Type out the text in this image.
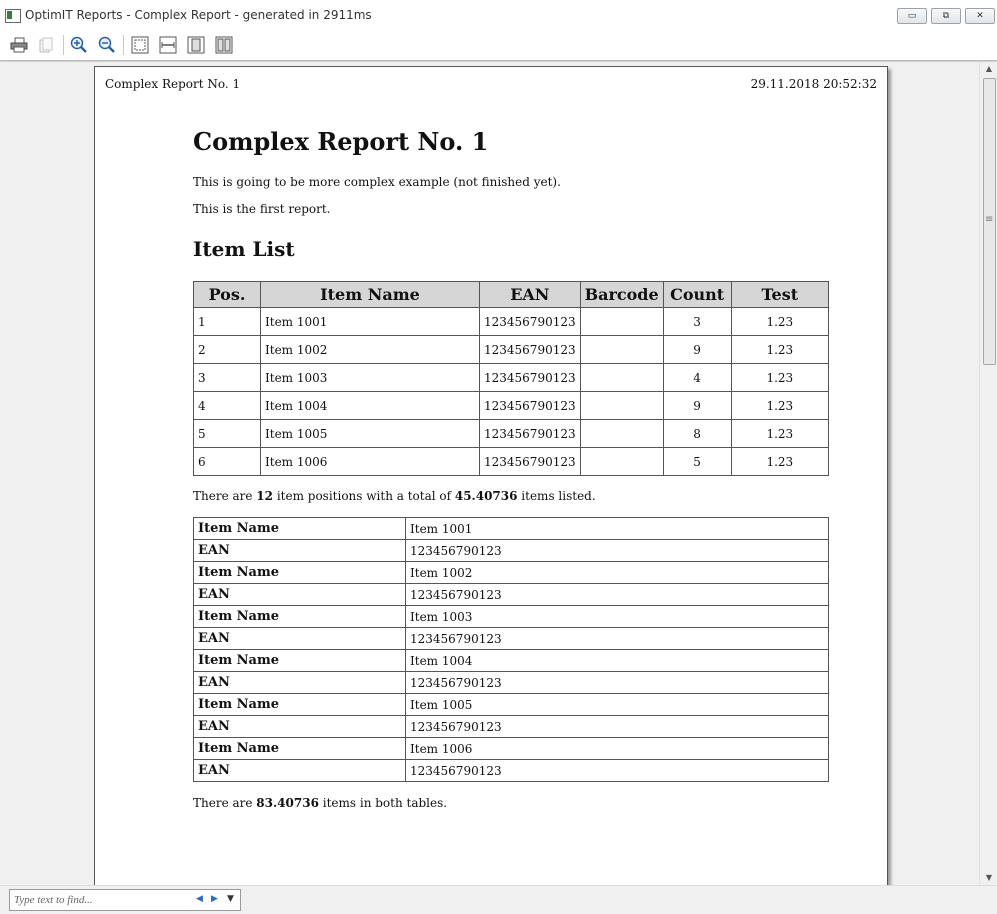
OptimIT Reports - Complex Report - generated in 2911ms	▭	⧉	✕
Complex Report No. 1	29.11.2018 20:52:32
Complex Report No. 1

This is going to be more complex example (not finished yet).

This is the first report.

Item List
Pos.	Item Name	EAN	Barcode	Count	Test
1	Item 1001	123456790123		3	1.23
2	Item 1002	123456790123		9	1.23
3	Item 1003	123456790123		4	1.23
4	Item 1004	123456790123		9	1.23
5	Item 1005	123456790123		8	1.23
6	Item 1006	123456790123		5	1.23

There are 12 item positions with a total of 45.40736 items listed.

Item Name	Item 1001
EAN	123456790123
Item Name	Item 1002
EAN	123456790123
Item Name	Item 1003
EAN	123456790123
Item Name	Item 1004
EAN	123456790123
Item Name	Item 1005
EAN	123456790123
Item Name	Item 1006
EAN	123456790123

There are 83.40736 items in both tables.

▲
≡
▼
Type text to find...
◀ ▶ ▼
